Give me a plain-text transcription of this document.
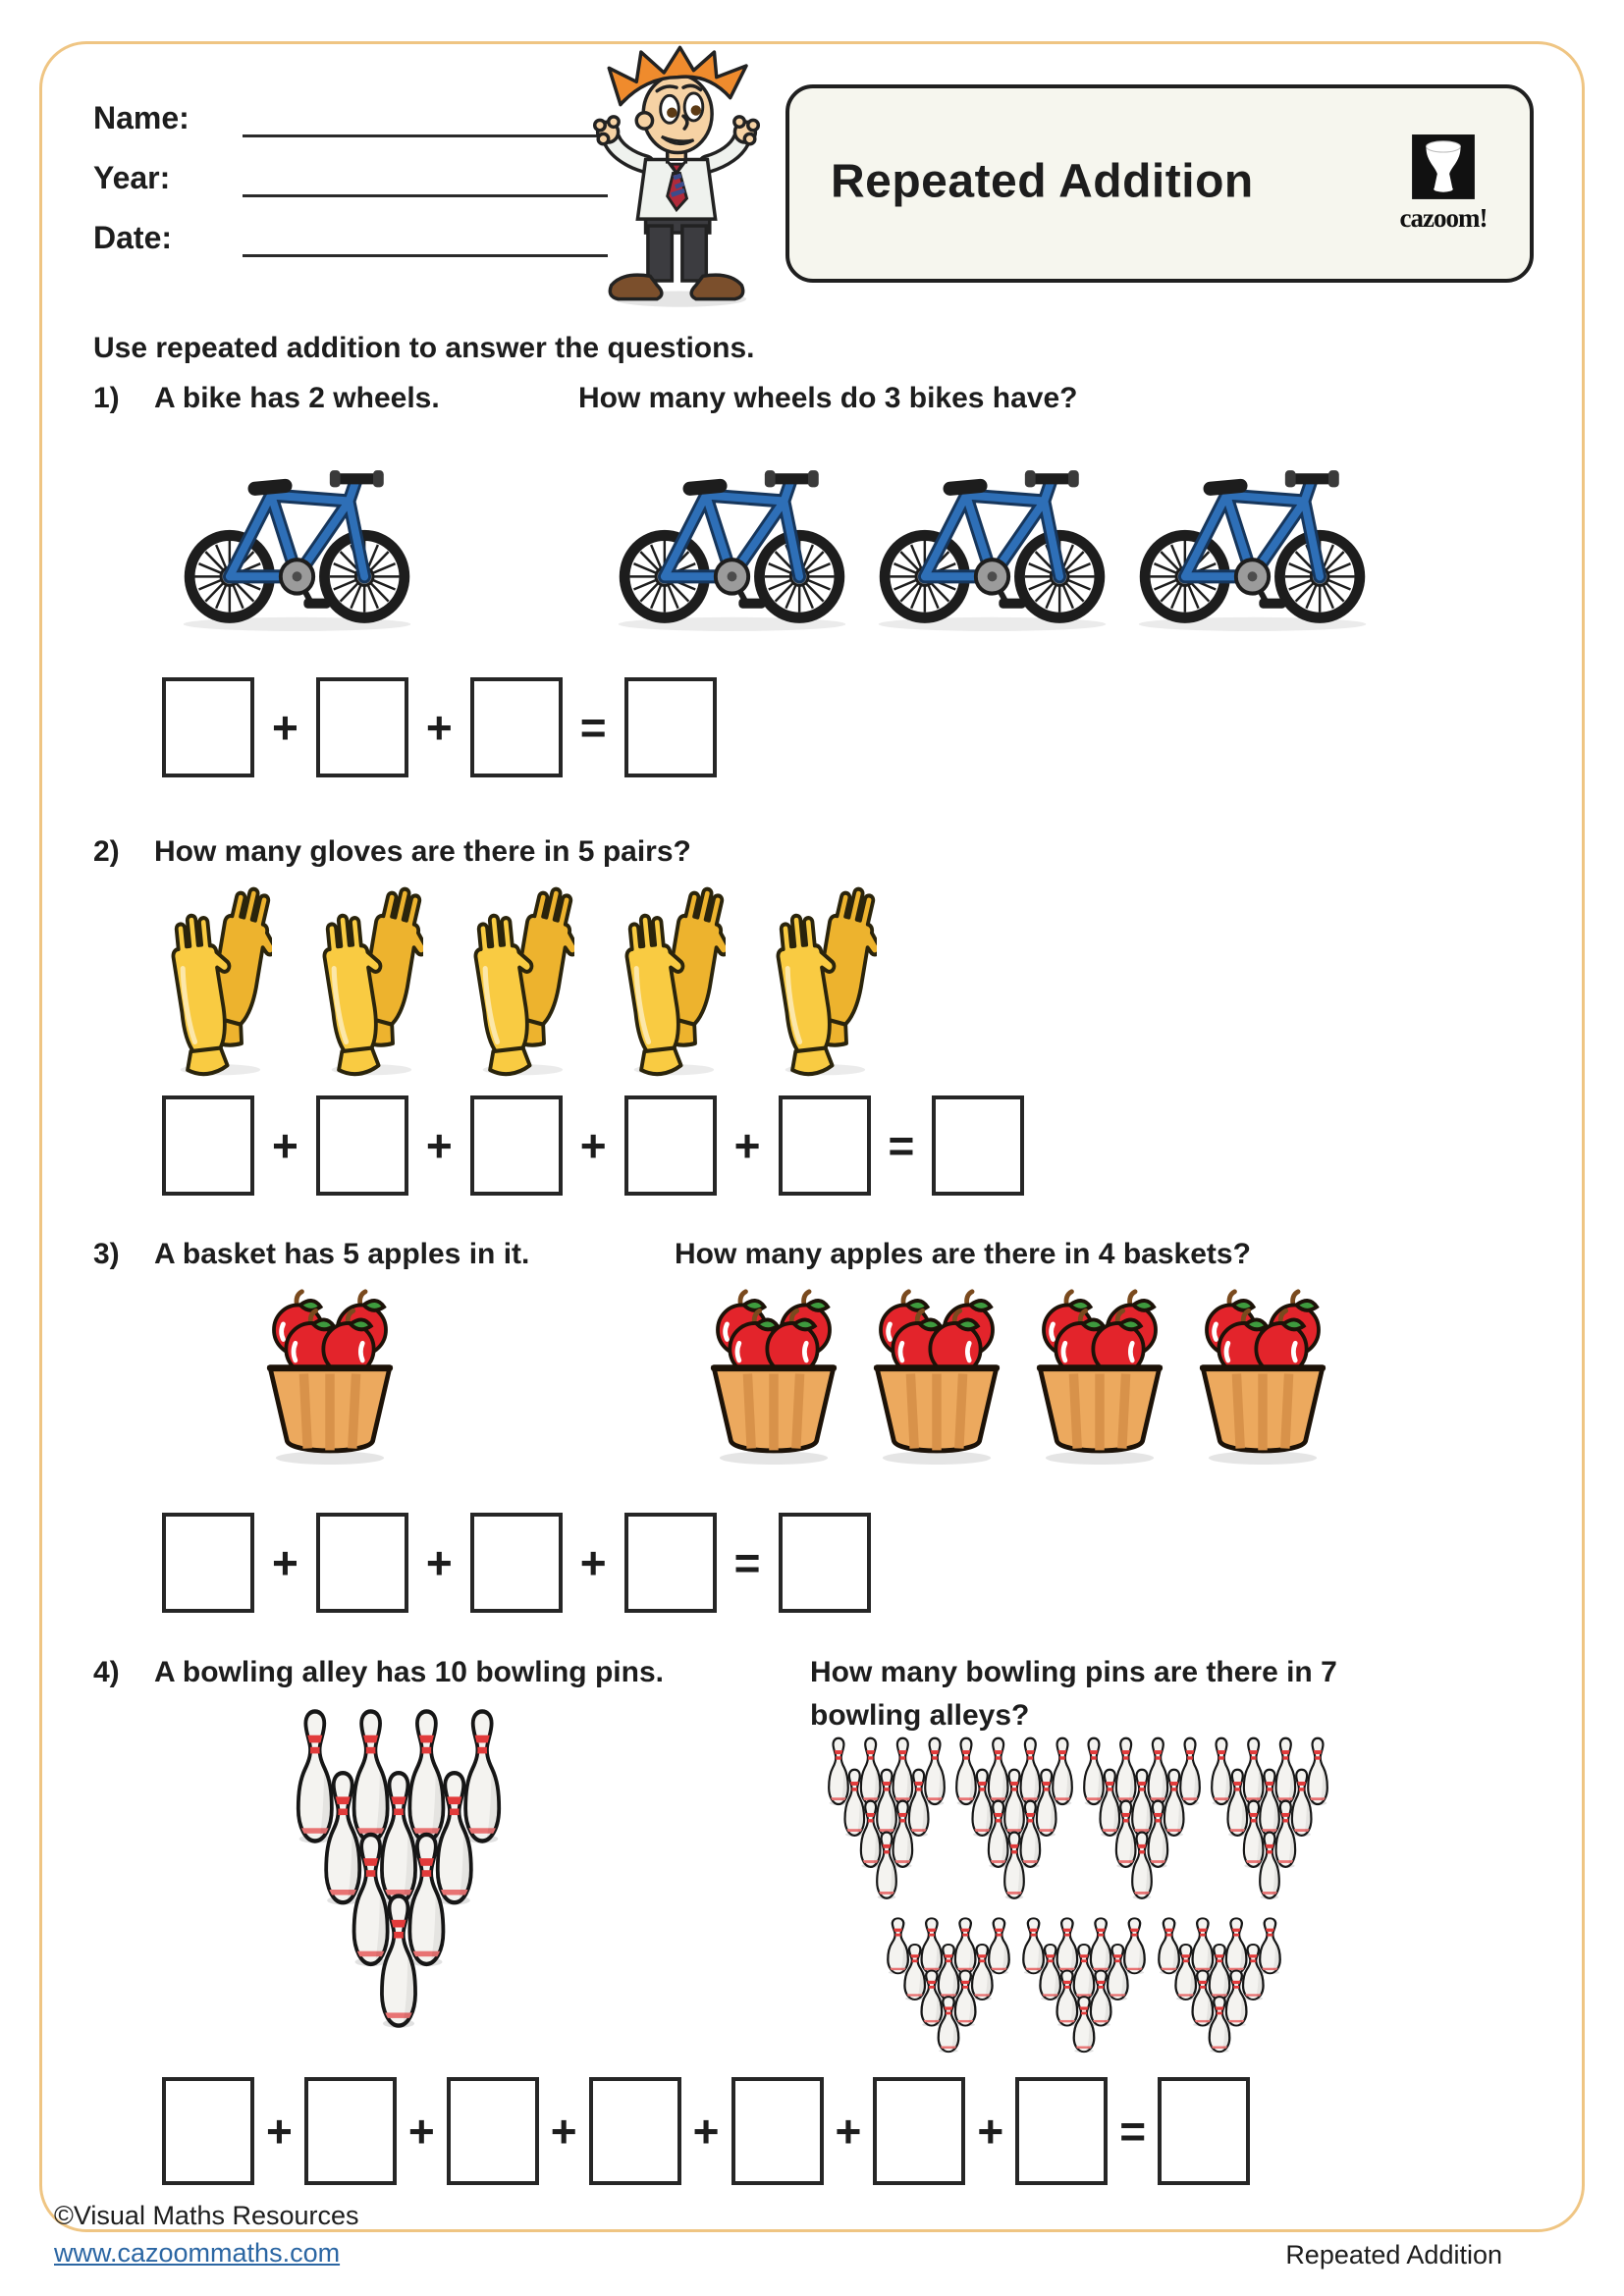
Name:
Year:
Date:
Repeated Addition
cazoom!

Use repeated addition to answer the questions.

1)	A bike has 2 wheels.	How many wheels do 3 bikes have?
+	+	=
2)	How many gloves are there in 5 pairs?
+	+	+	+	=
3)	A basket has 5 apples in it.	How many apples are there in 4 baskets?
+	+	+	=
4)	A bowling alley has 10 bowling pins.	How many bowling pins are there in 7 bowling alleys?
+	+	+	+	+	+	=
©Visual Maths Resources
www.cazoommaths.com	Repeated Addition
